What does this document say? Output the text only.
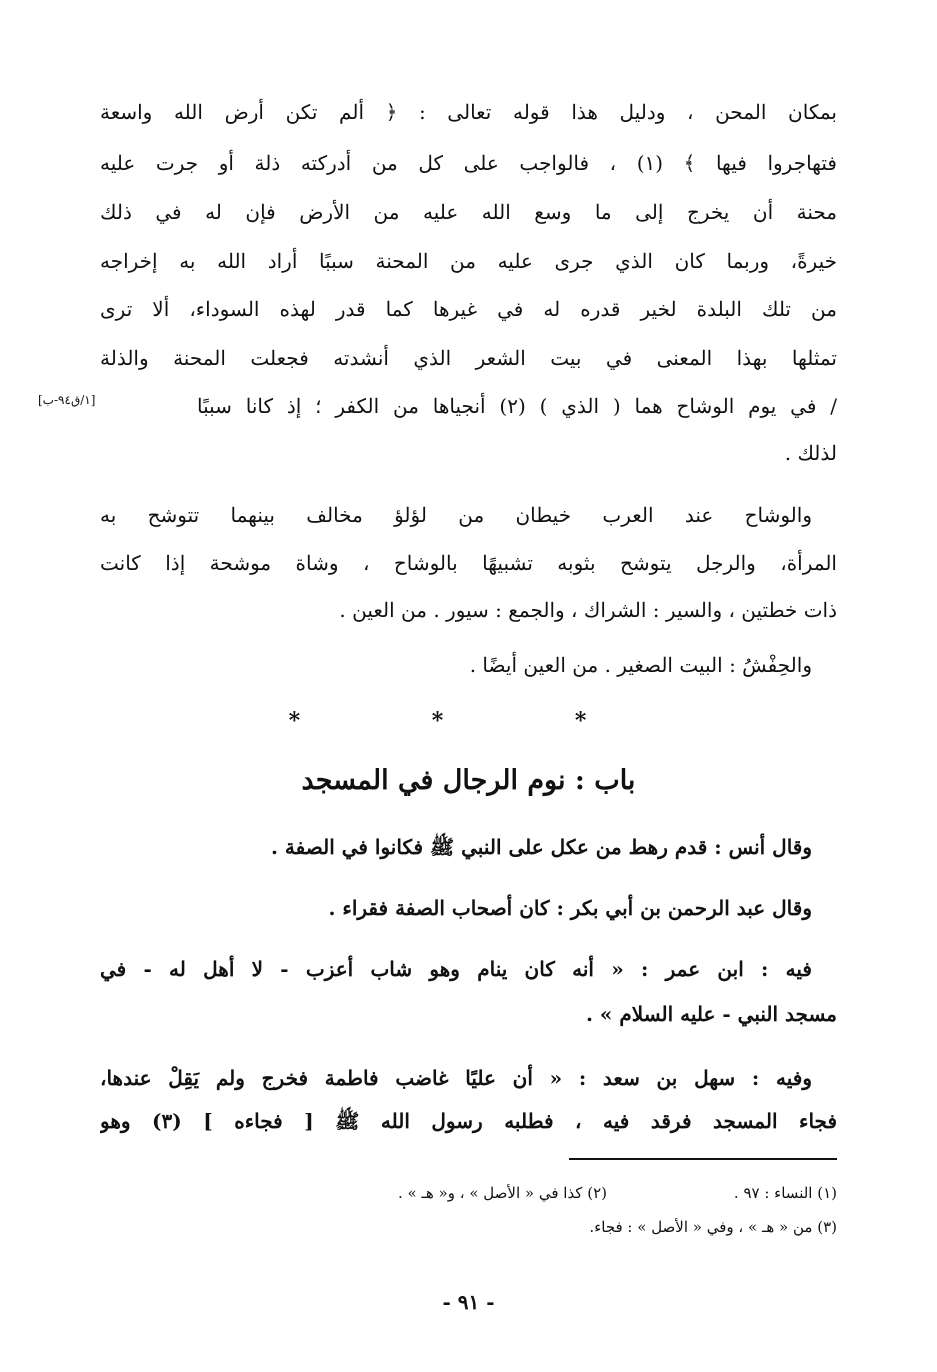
بمكان المحن ، ودليل هذا قوله تعالى : ﴿ ألم تكن أرض الله واسعة
فتهاجروا فيها ﴾ (١) ، فالواجب على كل من أدركته ذلة أو جرت عليه
محنة أن يخرج إلى ما وسع الله عليه من الأرض فإن له في ذلك
خيرةً، وربما كان الذي جرى عليه من المحنة سببًا أراد الله به إخراجه
من تلك البلدة لخير قدره له في غيرها كما قدر لهذه السوداء، ألا ترى
تمثلها بهذا المعنى في بيت الشعر الذي أنشدته فجعلت المحنة والذلة
/ في يوم الوشاح هما ( الذي ) (٢) أنجياها من الكفر ؛ إذ كانا سببًا
[١/ق٩٤-ب]
لذلك .
والوشاح عند العرب خيطان من لؤلؤ مخالف بينهما تتوشح به
المرأة، والرجل يتوشح بثوبه تشبيهًا بالوشاح ، وشاة موشحة إذا كانت
ذات خطتين ، والسير : الشراك ، والجمع : سيور . من العين .
والحِفْشُ : البيت الصغير . من العين أيضًا .
* * *
باب : نوم الرجال في المسجد
وقال أنس : قدم رهط من عكل على النبي ﷺ فكانوا في الصفة .
وقال عبد الرحمن بن أبي بكر : كان أصحاب الصفة فقراء .
فيه : ابن عمر : « أنه كان ينام وهو شاب أعزب - لا أهل له - في
مسجد النبي - عليه السلام » .
وفيه : سهل بن سعد : « أن عليًا غاضب فاطمة فخرج ولم يَقِلْ عندها،
فجاء المسجد فرقد فيه ، فطلبه رسول الله ﷺ [ فجاءه ] (٣) وهو
(١) النساء : ٩٧ .
(٢) كذا في « الأصل » ، و« هـ » .
(٣) من « هـ » ، وفي « الأصل » : فجاء.
- ٩١ -
